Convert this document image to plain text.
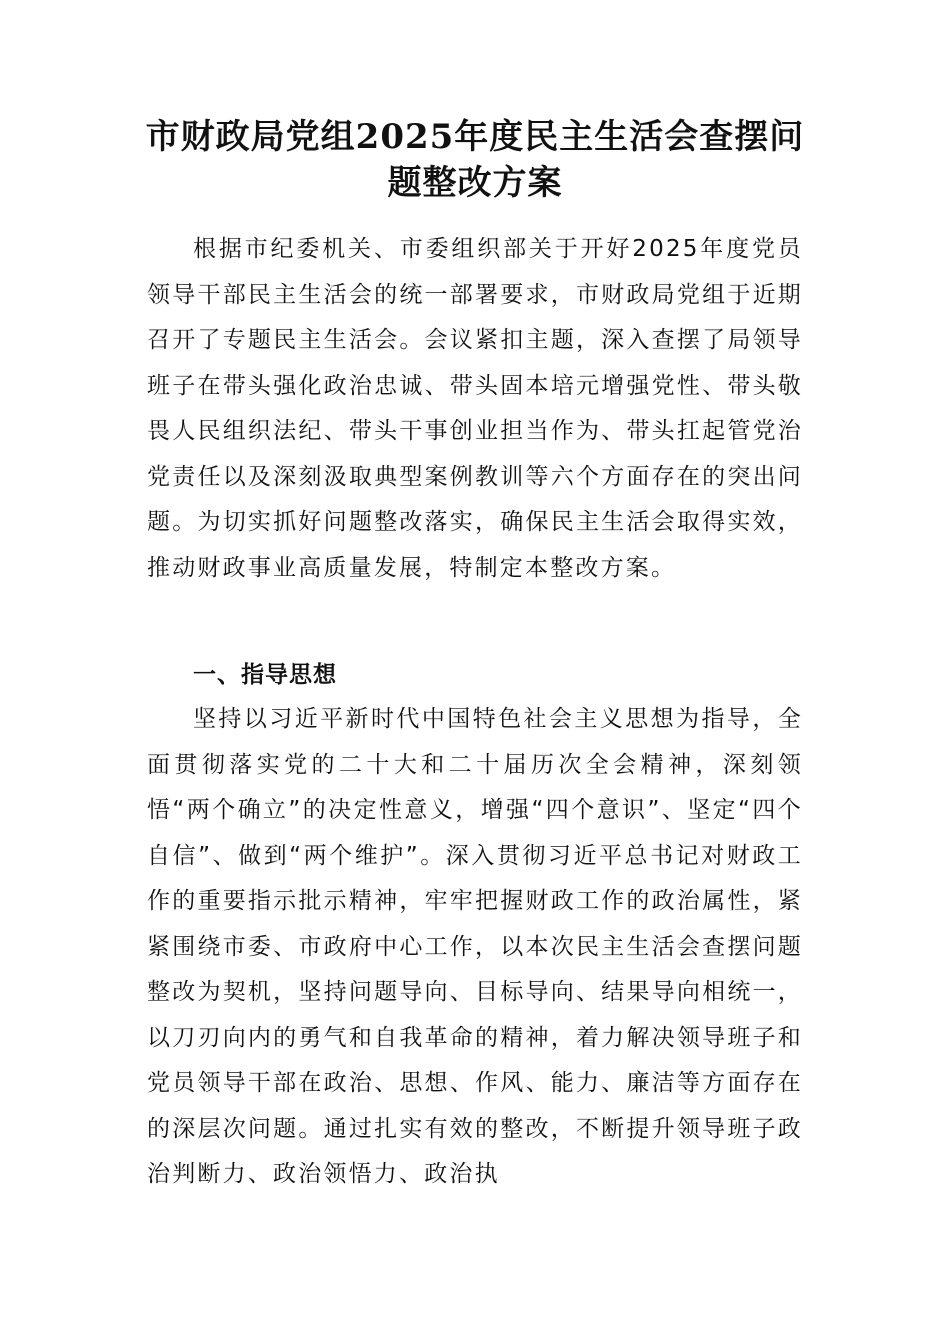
市财政局党组2025年度民主生活会查摆问题整改方案

根据市纪委机关、市委组织部关于开好2025年度党员领导干部民主生活会的统一部署要求，市财政局党组于近期召开了专题民主生活会。会议紧扣主题，深入查摆了局领导班子在带头强化政治忠诚、带头固本培元增强党性、带头敬畏人民组织法纪、带头干事创业担当作为、带头扛起管党治党责任以及深刻汲取典型案例教训等六个方面存在的突出问题。为切实抓好问题整改落实，确保民主生活会取得实效，推动财政事业高质量发展，特制定本整改方案。

一、指导思想

坚持以习近平新时代中国特色社会主义思想为指导，全面贯彻落实党的二十大和二十届历次全会精神，深刻领悟“两个确立”的决定性意义，增强“四个意识”、坚定“四个自信”、做到“两个维护”。深入贯彻习近平总书记对财政工作的重要指示批示精神，牢牢把握财政工作的政治属性，紧紧围绕市委、市政府中心工作，以本次民主生活会查摆问题整改为契机，坚持问题导向、目标导向、结果导向相统一，以刀刃向内的勇气和自我革命的精神，着力解决领导班子和党员领导干部在政治、思想、作风、能力、廉洁等方面存在的深层次问题。通过扎实有效的整改，不断提升领导班子政治判断力、政治领悟力、政治执
